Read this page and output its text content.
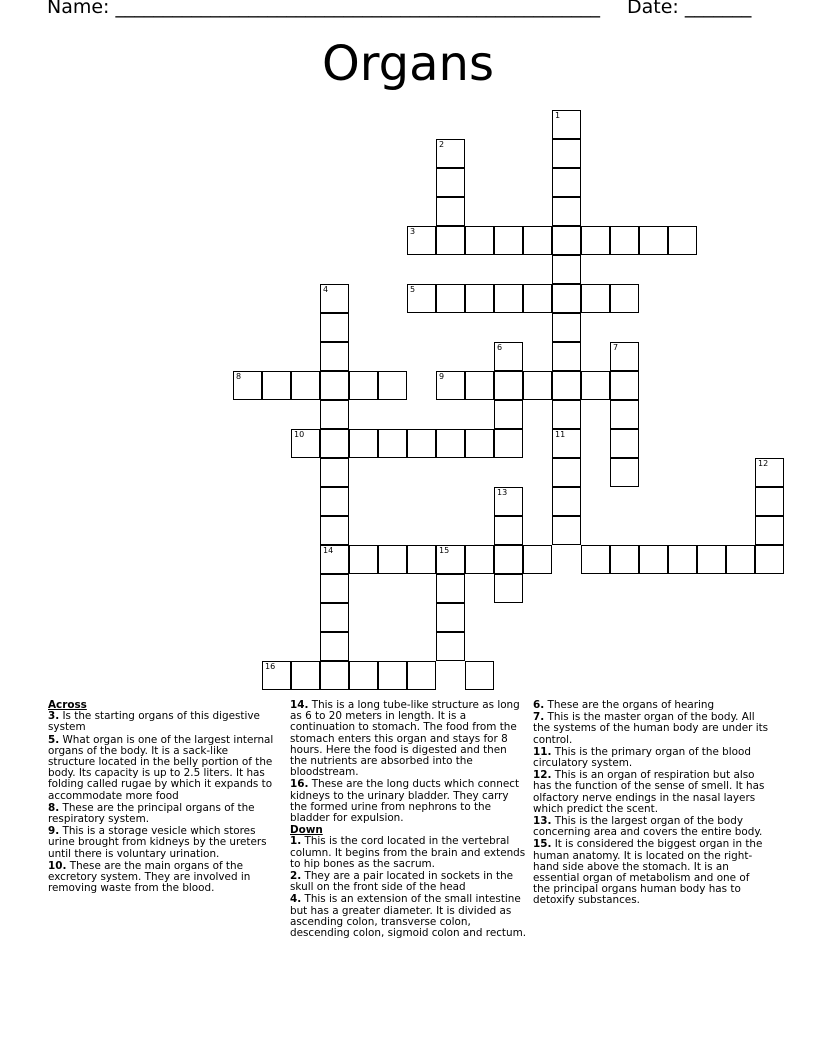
Name: ___________________________________________________ Date: _______
Organs
1
2
3
4
14
5
6	7
8	9
10	11
12
13
15
16
Across
3. Is the starting organs of this digestive system
5. What organ is one of the largest internal organs of the body. It is a sack-like structure located in the belly portion of the body. Its capacity is up to 2.5 liters. It has folding called rugae by which it expands to accommodate more food
8. These are the principal organs of the respiratory system.
9. This is a storage vesicle which stores urine brought from kidneys by the ureters until there is voluntary urination.
10. These are the main organs of the excretory system. They are involved in removing waste from the blood.
14. This is a long tube-like structure as long as 6 to 20 meters in length. It is a continuation to stomach. The food from the stomach enters this organ and stays for 8 hours. Here the food is digested and then the nutrients are absorbed into the bloodstream.
16. These are the long ducts which connect kidneys to the urinary bladder. They carry the formed urine from nephrons to the bladder for expulsion.
Down
1. This is the cord located in the vertebral column. It begins from the brain and extends to hip bones as the sacrum.
2. They are a pair located in sockets in the skull on the front side of the head
4. This is an extension of the small intestine but has a greater diameter. It is divided as ascending colon, transverse colon, descending colon, sigmoid colon and rectum.
6. These are the organs of hearing
7. This is the master organ of the body. All the systems of the human body are under its control.
11. This is the primary organ of the blood circulatory system.
12. This is an organ of respiration but also has the function of the sense of smell. It has olfactory nerve endings in the nasal layers which predict the scent.
13. This is the largest organ of the body concerning area and covers the entire body.
15. It is considered the biggest organ in the human anatomy. It is located on the right-hand side above the stomach. It is an essential organ of metabolism and one of the principal organs human body has to detoxify substances.
